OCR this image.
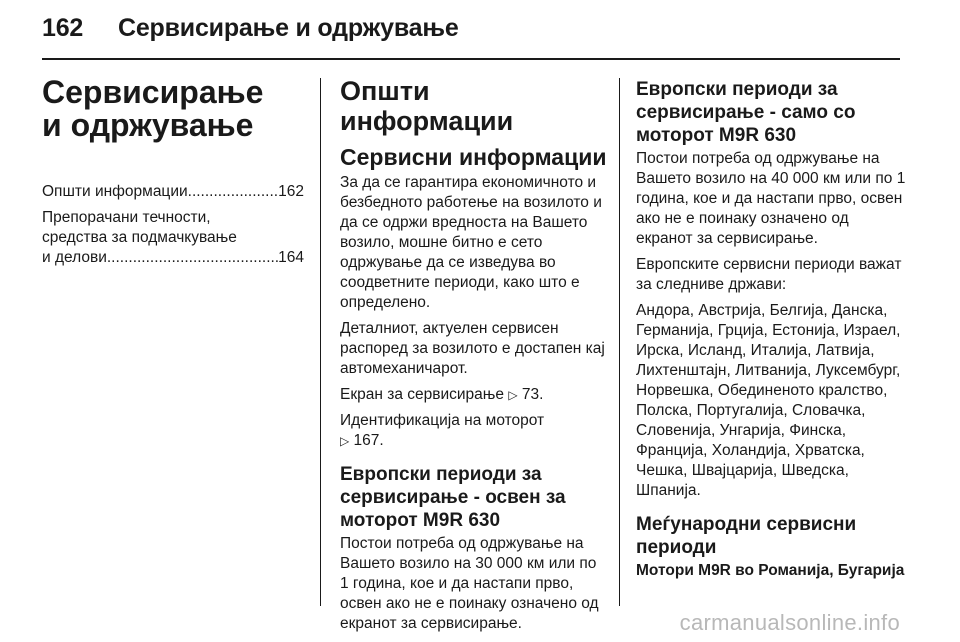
162 Сервисирање и одржување
Сервисирање
и одржување
Општи информации .....	162
Препорачани течности,
средства за подмачкување
и делови .....	164
Општи информации
Сервисни информации

За да се гарантира економичното и безбедното работење на возилото и да се одржи вредноста на Вашето возило, мошне битно е сето одржување да се изведува во соодветните периоди, како што е определено.

Деталниот, актуелен сервисен распоред за возилото е достапен кај автомеханичарот.

Екран за сервисирање ▷ 73.

Идентификација на моторот
▷ 167.

Европски периоди за сервисирање - освен за моторот M9R 630

Постои потреба од одржување на Вашето возило на 30 000 км или по 1 година, кое и да настапи прво, освен ако не е поинаку означено од екранот за сервисирање.

Европски периоди за сервисирање - само со моторот M9R 630

Постои потреба од одржување на Вашето возило на 40 000 км или по 1 година, кое и да настапи прво, освен ако не е поинаку означено од екранот за сервисирање.

Европските сервисни периоди важат за следниве држави:

Андора, Австрија, Белгија, Данска, Германија, Грција, Естонија, Израел, Ирска, Исланд, Италија, Латвија, Лихтенштајн, Литванија, Луксембург, Норвешка, Обединеното кралство, Полска, Португалија, Словачка, Словенија, Унгарија, Финска, Франција, Холандија, Хрватска, Чешка, Швајцарија, Шведска, Шпанија.

Меѓународни сервисни периоди
Мотори M9R во Романија, Бугарија
carmanualsonline.info
